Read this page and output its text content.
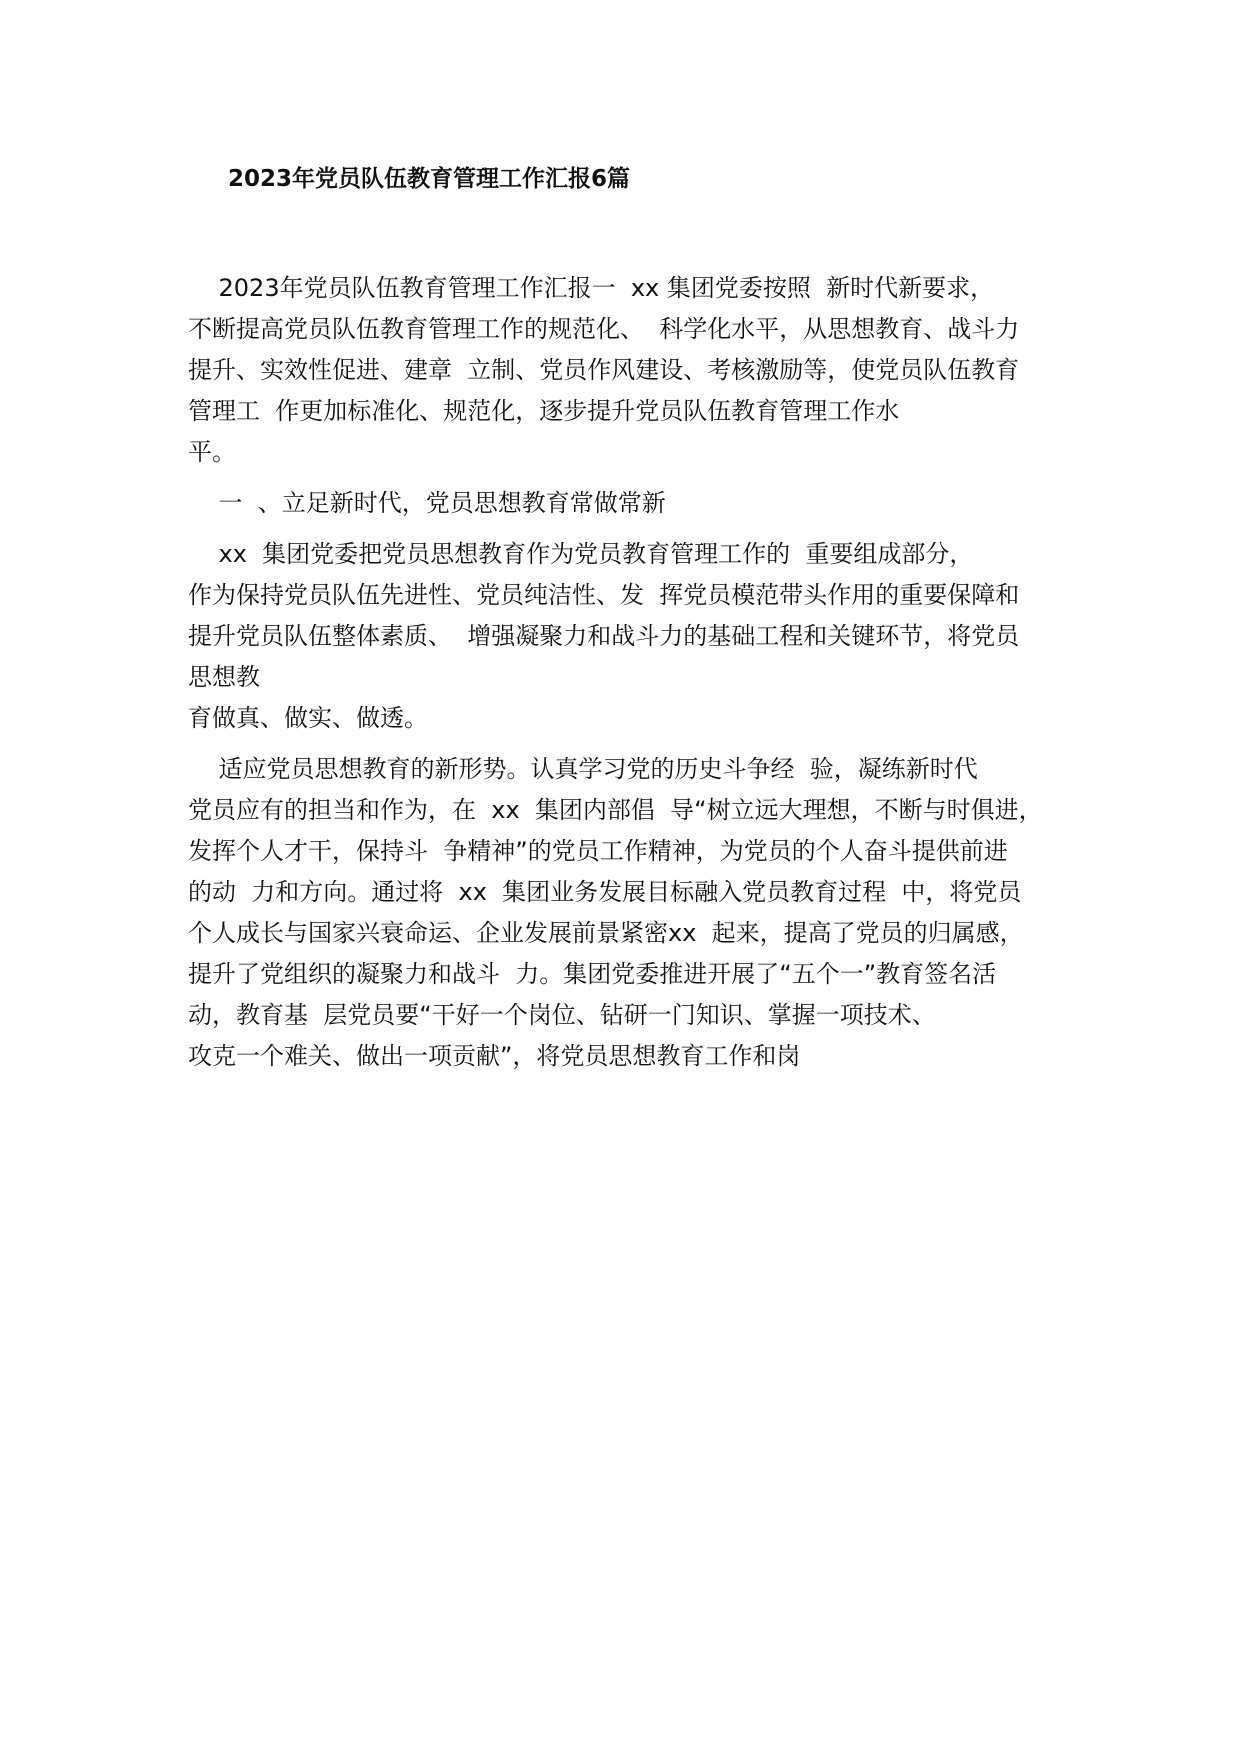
2023年党员队伍教育管理工作汇报6篇
2023年党员队伍教育管理工作汇报一  xx 集团党委按照  新时代新要求，
不断提高党员队伍教育管理工作的规范化、  科学化水平，从思想教育、战斗力
提升、实效性促进、建章  立制、党员作风建设、考核激励等，使党员队伍教育
管理工  作更加标准化、规范化，逐步提升党员队伍教育管理工作水
平。
一  、立足新时代，党员思想教育常做常新
xx  集团党委把党员思想教育作为党员教育管理工作的  重要组成部分，
作为保持党员队伍先进性、党员纯洁性、发  挥党员模范带头作用的重要保障和
提升党员队伍整体素质、  增强凝聚力和战斗力的基础工程和关键环节，将党员
思想教
育做真、做实、做透。
适应党员思想教育的新形势。认真学习党的历史斗争经  验，凝练新时代
党员应有的担当和作为，在  xx  集团内部倡  导“树立远大理想，不断与时俱进，
发挥个人才干，保持斗  争精神”的党员工作精神，为党员的个人奋斗提供前进
的动  力和方向。通过将  xx  集团业务发展目标融入党员教育过程  中，将党员
个人成长与国家兴衰命运、企业发展前景紧密xx  起来，提高了党员的归属感，
提升了党组织的凝聚力和战斗  力。集团党委推进开展了“五个一”教育签名活
动，教育基  层党员要“干好一个岗位、钻研一门知识、掌握一项技术、
攻克一个难关、做出一项贡献”，将党员思想教育工作和岗
